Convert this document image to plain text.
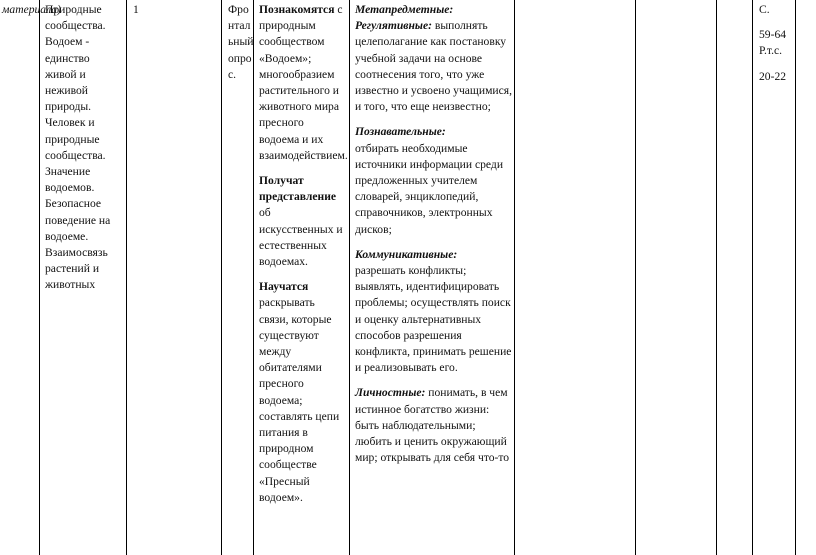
материала)
Природные сообщества. Водоем - единство живой и неживой природы. Человек и природные сообщества. Значение водоемов. Безопасное поведение на водоеме. Взаимосвязь растений и животных
1	Фронтальный опрос.

Познакомятся с природным сообществом «Водоем»; многообразием растительного и животного мира пресного водоема и их взаимодействием.

Получат представление об искусственных и естественных водоемах.

Научатся раскрывать связи, которые существуют между обитателями пресного водоема; составлять цепи питания в природном сообществе «Пресный водоем».

Метапредметные:
Регулятивные: выполнять целеполагание как постановку учебной задачи на основе соотнесения того, что уже известно и усвоено учащимися, и того, что еще неизвестно;

Познавательные:
отбирать необходимые источники информации среди предложенных учителем словарей, энциклопедий, справочников, электронных дисков;

Коммуникативные:
разрешать конфликты; выявлять, идентифицировать проблемы; осуществлять поиск и оценку альтернативных способов разрешения конфликта, принимать решение и реализовывать его.

Личностные: понимать, в чем истинное богатство жизни: быть наблюдательными; любить и ценить окружающий мир; открывать для себя что-то

С.

59-64 Р.т.с.

20-22
